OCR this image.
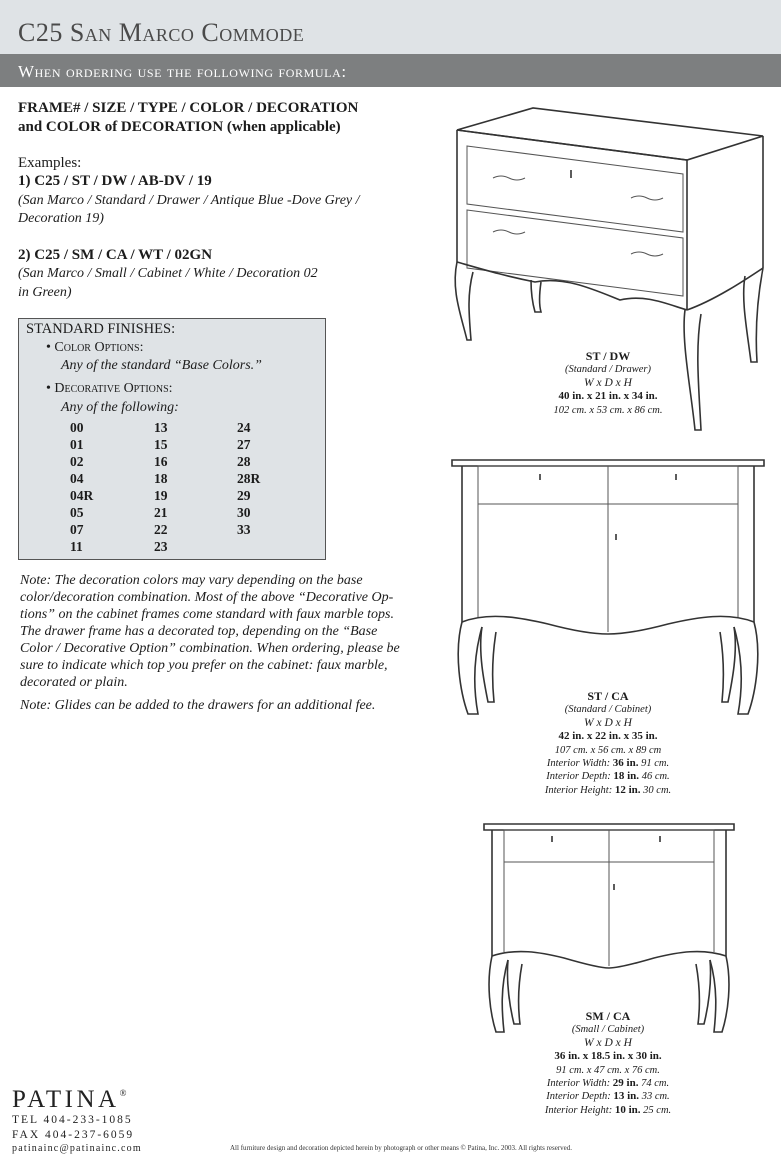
C25 San Marco Commode
When ordering use the following formula:
FRAME# / SIZE / TYPE / COLOR / DECORATION
and COLOR of DECORATION (when applicable)
Examples:
1) C25 / ST / DW / AB-DV / 19
(San Marco / Standard / Drawer / Antique Blue -Dove Grey /
Decoration 19)
2) C25 / SM / CA / WT / 02GN
(San Marco / Small / Cabinet / White / Decoration 02
in Green)
STANDARD FINISHES:
• Color Options:
Any of the standard “Base Colors.”
• Decorative Options:
Any of the following:
00
01
02
04
04R
05
07
11
13
15
16
18
19
21
22
23
24
27
28
28R
29
30
33
Note: The decoration colors may vary depending on the base
color/decoration combination. Most of the above “Decorative Op-
tions” on the cabinet frames come standard with faux marble tops.
The drawer frame has a decorated top, depending on the “Base
Color / Decorative Option” combination. When ordering, please be
sure to indicate which top you prefer on the cabinet: faux marble,
decorated or plain.
Note: Glides can be added to the drawers for an additional fee.
ST / DW
(Standard / Drawer)
W x D x H
40 in. x 21 in. x 34 in.
102 cm. x 53 cm. x 86 cm.
ST / CA
(Standard / Cabinet)
W x D x H
42 in. x 22 in. x 35 in.
107 cm. x 56 cm. x 89 cm
Interior Width: 36 in. 91 cm.
Interior Depth: 18 in. 46 cm.
Interior Height: 12 in. 30 cm.
SM / CA
(Small / Cabinet)
W x D x H
36 in. x 18.5 in. x 30 in.
91 cm. x 47 cm. x 76 cm.
Interior Width: 29 in. 74 cm.
Interior Depth: 13 in. 33 cm.
Interior Height: 10 in. 25 cm.
PATINA®
TEL 404-233-1085
FAX 404-237-6059
patinainc@patinainc.com	All furniture design and decoration depicted herein by photograph or other means © Patina, Inc. 2003. All rights reserved.
